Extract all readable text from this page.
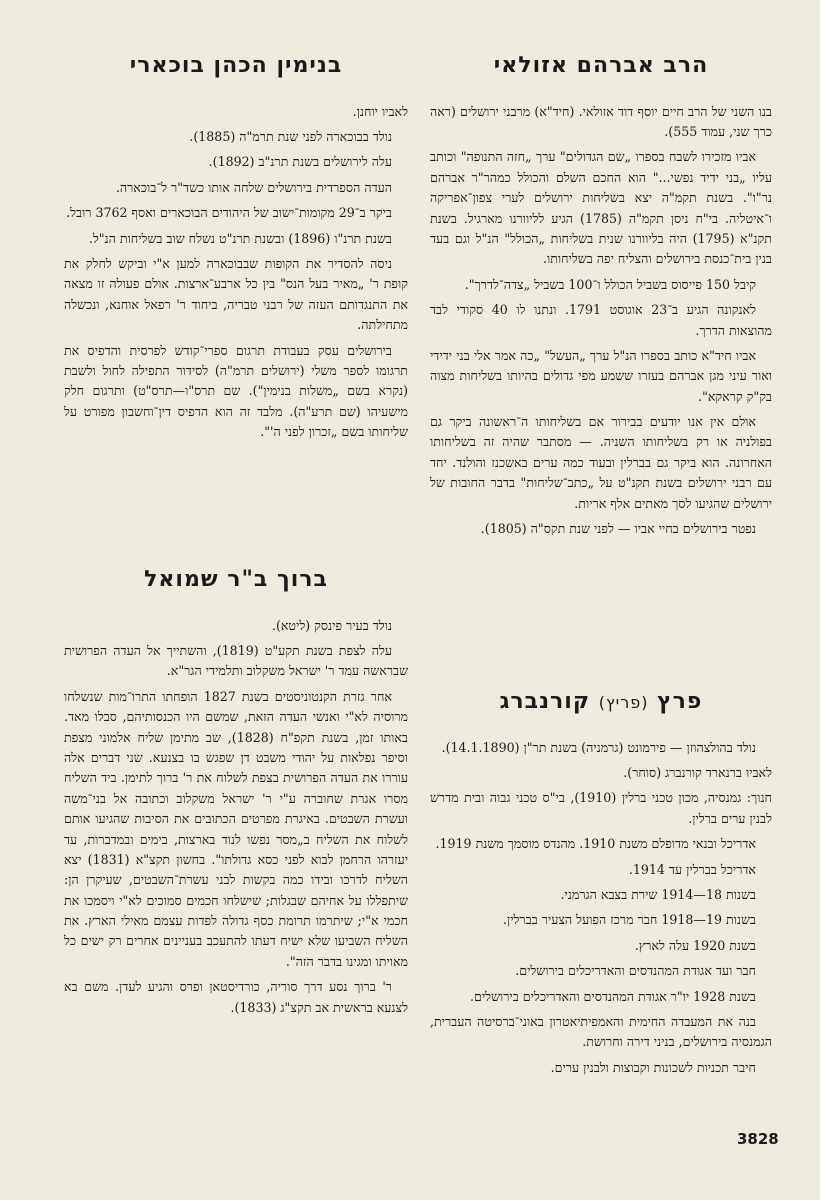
הרב אברהם אזולאי

בנו השני של הרב חיים יוסף דוד אזולאי. (חיד"א) מרבני ירושלים (ראה כרך שני, עמוד 555).

אביו מזכירו לשבח בספרו „שם הגדולים" ערך „חזה התנופה" וכותב עליו „בני ידיד נפשי..." הוא החכם השלם והכולל כמהר"ר אברהם נר"ו". בשנת תקמ"ה יצא בשליחות ירושלים לערי צפון־אפריקה ו־איטליה. בי"ח ניסן תקמ"ה (1785) הגיע לליוורנו מארגיל. בשנת תקנ"א (1795) היה בליוורנו שנית בשליחות „הכולל" הנ"ל וגם בעד בנין בית־כנסת בירושלים והצליח יפה בשליחותו.

קיבל 150 פייסוס בשביל הכולל ו־100 בשביל „צדה־לדרך".

לאנקונה הגיע ב־23 אוגוסט 1791. ונתנו לו 40 סקודי לבד מהוצאות הדרך.

אביו חיד"א כותב בספרו הנ"ל ערך „העשל" „כה אמר אלי בני ידידי ואור עיני מגן אברהם בעזרו ששמע מפי גדולים בהיותו בשליחות מצוה בק"ק קראקא".

אולם אין אנו יודעים בבירור אם בשליחותו ה־ראשונה ביקר גם בפולניה או רק בשליחותו השניה. — מסתבר שהיה זה בשליחותו האחרונה. הוא ביקר גם בברלין ובעוד כמה ערים באשכנז והולנד. יחד עם רבני ירושלים בשנת תקנ"ט על „כתב־שליחות" בדבר החובות של ירושלים שהגיעו לסך מאתים אלף אריות.

נפטר בירושלים בחיי אביו — לפני שנת תקס"ה (1805).

בנימין הכהן בוכארי

לאביו יוחנן.

נולד בבוכארה לפני שנת תרמ"ה (1885).

עלה לירושלים בשנת תרנ"ב (1892).

העדה הספרדית בירושלים שלחה אותו כשד"ר ל־בוכארה.

ביקר ב־29 מקומות־ישוב של היהודים הבוכארים ואסף 3762 רובל.

בשנת תרנ"ו (1896) ובשנת תרנ"ט נשלח שוב בשליחות הנ"ל.

ניסה להסדיר את הקופות שבבוכארה למען א"י וביקש לחלק את קופת ר' „מאיר בעל הנס" בין כל ארבע־ארצות. אולם פעולה זו מצאה את התנגדותם העזה של רבני טבריה, ביחוד ר' רפאל אוחנא, ונכשלה מתחילתה.

בירושלים עסק בעבודת תרגום ספרי־קודש לפרסית והדפיס את תרגומו לספר משלי (ירושלים תרמ"ה) לסידור התפילה לחול ולשבת (נקרא בשם „משלות בנימין"). שם תרס"ו—תרס"ט) ותרגום חלק מישעיהו (שם תרע"ה). מלבד זה הוא הדפיס דין־וחשבון מפורט על שליחותו בשם „זכרון לפני ה'".

ברוך ב"ר שמואל

נולד בעיר פינסק (ליטא).

עלה לצפת בשנת תקע"ט (1819), והשתייך אל העדה הפרושית שבראשה עמד ר' ישראל משקלוב ותלמידי הגר"א.

אחר גזרת הקנטוניסטים בשנת 1827 הופחתו התרו־מות שנשלחו מרוסיה לא"י ואנשי העדה הזאת, שמשם היו הכנסותיהם, סבלו מאד. באותו זמן, בשנת תקפ"ח (1828), שב מתימן שליח אלמוני מצפת וסיפר נפלאות על יהודי משבט דן שפגש בו בצנעא. שני דברים אלה עוררו את העדה הפרושית בצפת לשלוח את ר' ברוך לתימן. ביד השליח מסרו אגרת שחוברה ע"י ר' ישראל משקלוב וכתובה אל בני־משה ועשרת השבטים. באיגרת מפרטים הכתובים את הסיבות שהגיעו אותם לשלוח את השליח ב„מסר נפשו לנוד בארצות, בימים ובמדברות, עד יעזרהו הרחמן לבוא לפני כסא גדולתו". בחשון תקצ"א (1831) יצא השליח לדרכו ובידו כמה בקשות לבני עשרת־השבטים, שעיקרן הן: שיתפללו על אחיהם שבגלות; שישלחו חכמים סמוכים לא"י ויסמכו את חכמי א"י; שיתרמו תרומת כסף גדולה לפדות עצמם מאילי הארץ. את השליח השביעו שלא ישיח דעתו להתעכב בעניינים אחרים רק ישים כל מאויתו ומגינו בדבר הזה".

ר' ברוך נסע דרך סוריה, כורדיסטאן ופרס והגיע לעדן. משם בא לצנעא בראשית אב תקצ"ג (1833).

פרץ (פריץ) קורנברג

נולד בהולצהוזן — פירמונט (גרמניה) בשנת תר"ן (14.1.1890).

לאביו ברנארד קורנברג (סוחר).

חנוך: גמנסיה, מכון טכני ברלין (1910), בי"ס טכני גבוה ובית מדרש לבנין ערים ברלין.

אדריכל ובנאי מדופלם משנת 1910. מהנדס מוסמך משנת 1919.

אדריכל בברלין עד 1914.

בשנות 18—1914 שירת בצבא הגרמני.

בשנות 19—1918 חבר מרכז הפועל הצעיר בברלין.

בשנת 1920 עלה לארץ.

חבר ועד אגודת המהנדסים והאדריכלים בירושלים.

בשנת 1928 יו"ר אגודת המהנדסים והאדריכלים בירושלים.

בנה את המעבדה החימית והאמפיתיאטרון באוני־ברסיטה העברית, הגמנסיה בירושלים, בניני דירה וחרושת.

חיבר תכניות לשכונות וקבוצות ולבנין ערים.

3828
